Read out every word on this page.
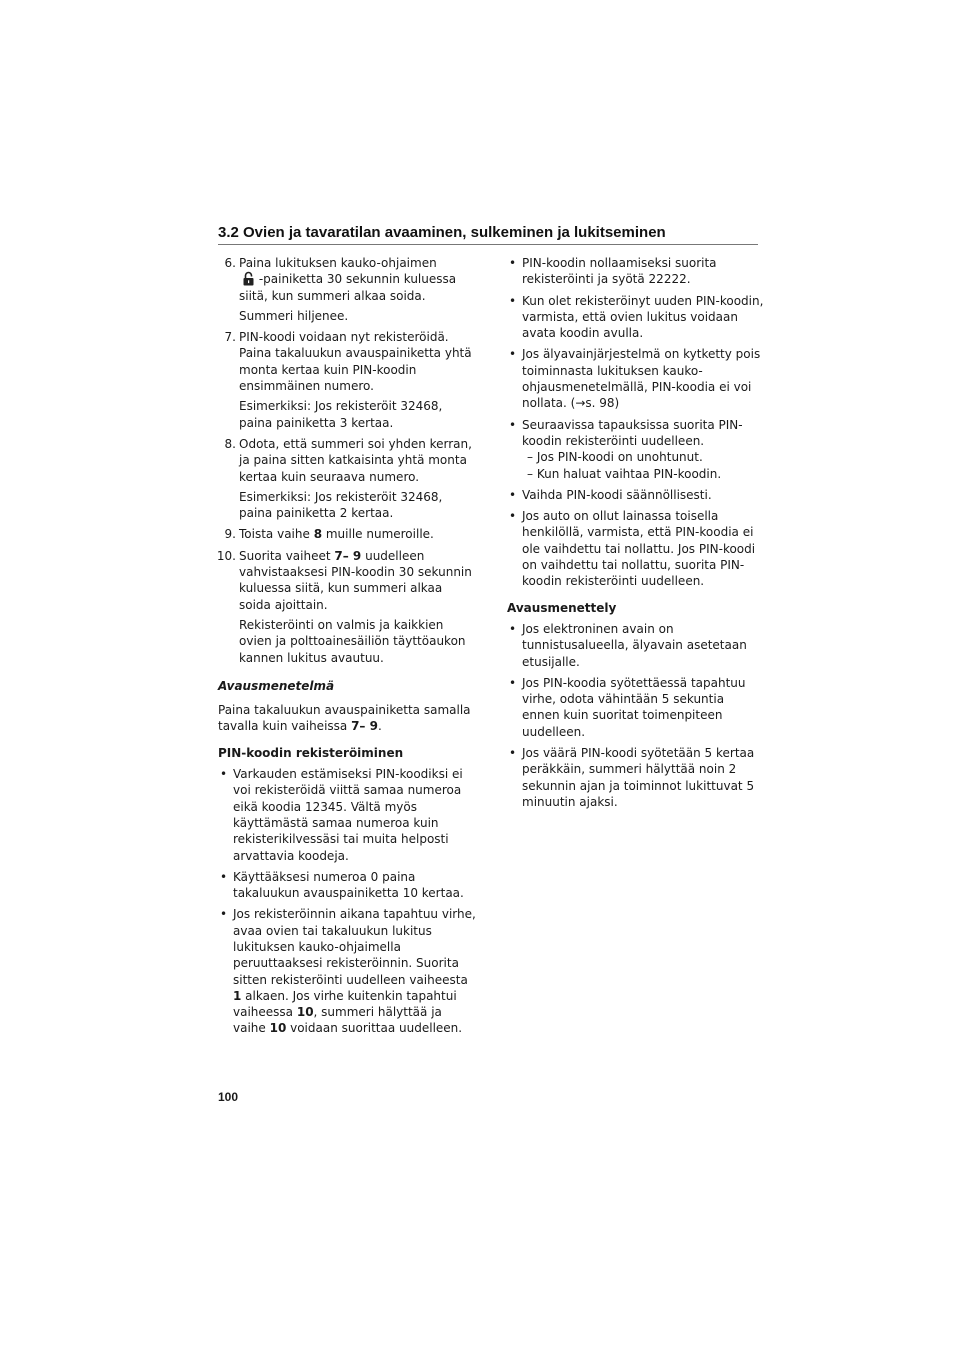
3.2 Ovien ja tavaratilan avaaminen, sulkeminen ja lukitseminen
6. Paina lukituksen kauko-ohjaimen
-painiketta 30 sekunnin kuluessa siitä, kun summeri alkaa soida.
Summeri hiljenee.
7. PIN-koodi voidaan nyt rekisteröidä. Paina takaluukun avauspainiketta yhtä monta kertaa kuin PIN-koodin ensimmäinen numero.
Esimerkiksi: Jos rekisteröit 32468, paina painiketta 3 kertaa.
8. Odota, että summeri soi yhden kerran, ja paina sitten katkaisinta yhtä monta kertaa kuin seuraava numero.
Esimerkiksi: Jos rekisteröit 32468, paina painiketta 2 kertaa.
9. Toista vaihe 8 muille numeroille.
10. Suorita vaiheet 7– 9 uudelleen vahvistaaksesi PIN-koodin 30 sekunnin kuluessa siitä, kun summeri alkaa soida ajoittain.
Rekisteröinti on valmis ja kaikkien ovien ja polttoainesäiliön täyttöaukon kannen lukitus avautuu.
Avausmenetelmä

Paina takaluukun avauspainiketta samalla tavalla kuin vaiheissa 7– 9.

PIN-koodin rekisteröiminen
• Varkauden estämiseksi PIN-koodiksi ei voi rekisteröidä viittä samaa numeroa eikä koodia 12345. Vältä myös käyttämästä samaa numeroa kuin rekisterikilvessäsi tai muita helposti arvattavia koodeja.
• Käyttääksesi numeroa 0 paina takaluukun avauspainiketta 10 kertaa.
• Jos rekisteröinnin aikana tapahtuu virhe, avaa ovien tai takaluukun lukitus lukituksen kauko-ohjaimella peruuttaaksesi rekisteröinnin. Suorita sitten rekisteröinti uudelleen vaiheesta 1 alkaen. Jos virhe kuitenkin tapahtui vaiheessa 10, summeri hälyttää ja vaihe 10 voidaan suorittaa uudelleen.
• PIN-koodin nollaamiseksi suorita rekisteröinti ja syötä 22222.
• Kun olet rekisteröinyt uuden PIN-koodin, varmista, että ovien lukitus voidaan avata koodin avulla.
• Jos älyavainjärjestelmä on kytketty pois toiminnasta lukituksen kauko-ohjausmenetelmällä, PIN-koodia ei voi nollata. (→s. 98)
• Seuraavissa tapauksissa suorita PIN-koodin rekisteröinti uudelleen.
– Jos PIN-koodi on unohtunut.
– Kun haluat vaihtaa PIN-koodin.
• Vaihda PIN-koodi säännöllisesti.
• Jos auto on ollut lainassa toisella henkilöllä, varmista, että PIN-koodia ei ole vaihdettu tai nollattu. Jos PIN-koodi on vaihdettu tai nollattu, suorita PIN-koodin rekisteröinti uudelleen.
Avausmenettely
• Jos elektroninen avain on tunnistusalueella, älyavain asetetaan etusijalle.
• Jos PIN-koodia syötettäessä tapahtuu virhe, odota vähintään 5 sekuntia ennen kuin suoritat toimenpiteen uudelleen.
• Jos väärä PIN-koodi syötetään 5 kertaa peräkkäin, summeri hälyttää noin 2 sekunnin ajan ja toiminnot lukittuvat 5 minuutin ajaksi.
100
